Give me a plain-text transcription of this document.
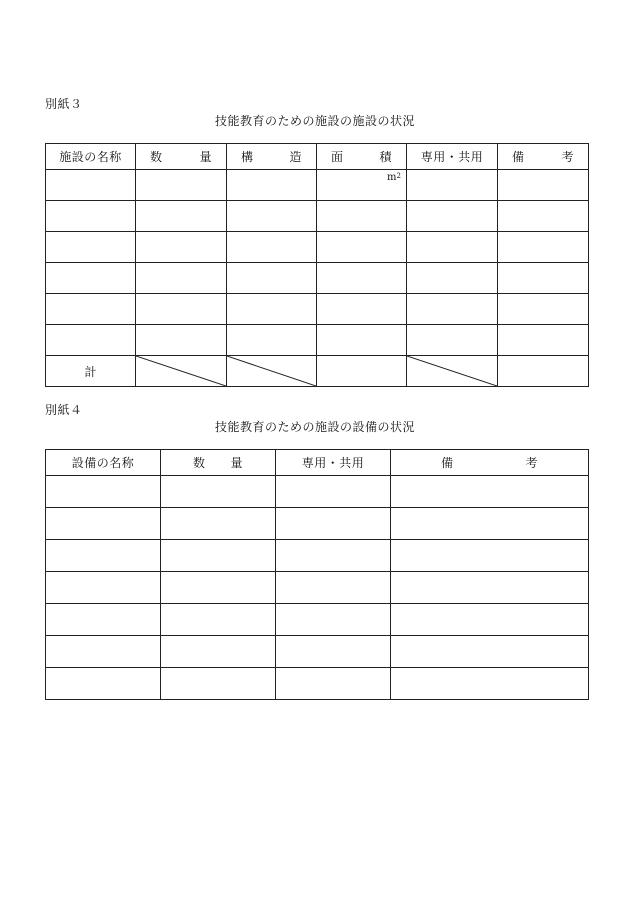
別紙３
技能教育のための施設の施設の状況
施設の名称	数 量	構 造	面 積	専用・共用	備 考

			$m^2$

計	

別紙４
技能教育のための施設の設備の状況
設備の名称	数 量	専用・共用	備 考
